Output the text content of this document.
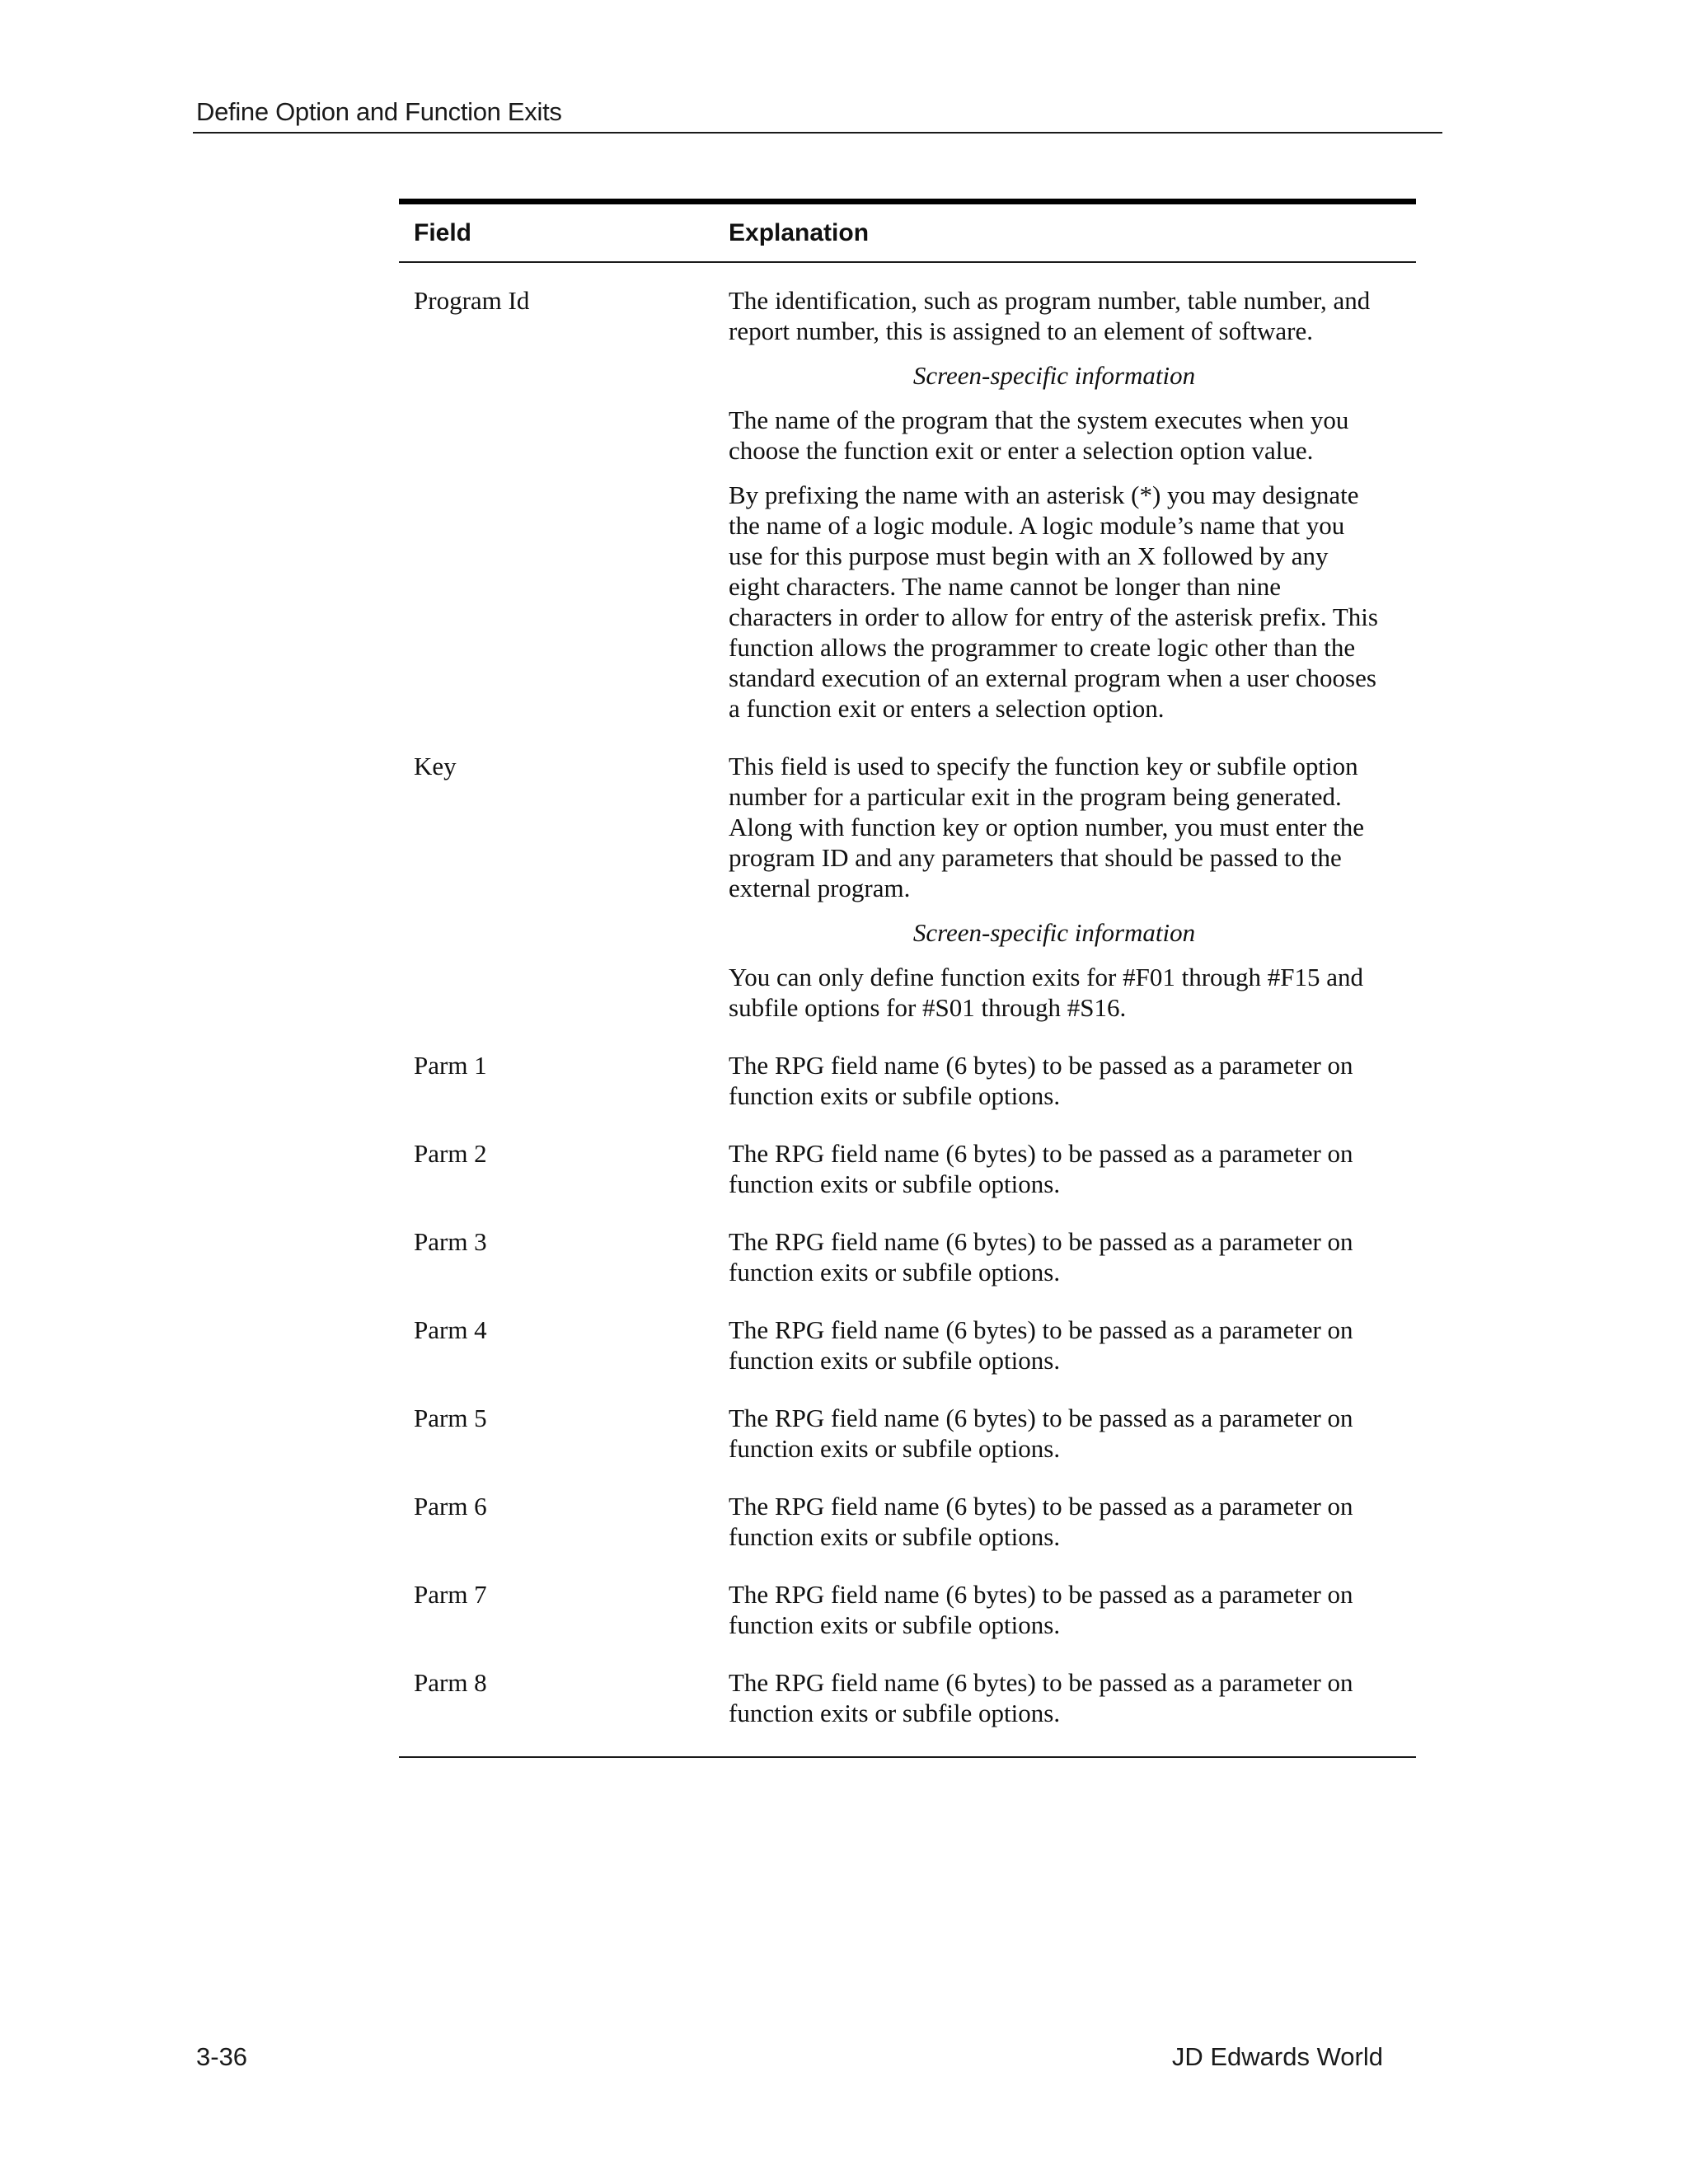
Define Option and Function Exits
Field	Explanation
Program Id	The identification, such as program number, table number, and report number, this is assigned to an element of software.

Screen-specific information

The name of the program that the system executes when you choose the function exit or enter a selection option value.

By prefixing the name with an asterisk (*) you may designate the name of a logic module. A logic module’s name that you use for this purpose must begin with an X followed by any eight characters. The name cannot be longer than nine characters in order to allow for entry of the asterisk prefix. This function allows the programmer to create logic other than the standard execution of an external program when a user chooses a function exit or enters a selection option.

Key	This field is used to specify the function key or subfile option number for a particular exit in the program being generated. Along with function key or option number, you must enter the program ID and any parameters that should be passed to the external program.

Screen-specific information

You can only define function exits for #F01 through #F15 and subfile options for #S01 through #S16.

Parm 1	The RPG field name (6 bytes) to be passed as a parameter on function exits or subfile options.

Parm 2	The RPG field name (6 bytes) to be passed as a parameter on function exits or subfile options.

Parm 3	The RPG field name (6 bytes) to be passed as a parameter on function exits or subfile options.

Parm 4	The RPG field name (6 bytes) to be passed as a parameter on function exits or subfile options.

Parm 5	The RPG field name (6 bytes) to be passed as a parameter on function exits or subfile options.

Parm 6	The RPG field name (6 bytes) to be passed as a parameter on function exits or subfile options.

Parm 7	The RPG field name (6 bytes) to be passed as a parameter on function exits or subfile options.

Parm 8	The RPG field name (6 bytes) to be passed as a parameter on function exits or subfile options.

3-36	JD Edwards World
